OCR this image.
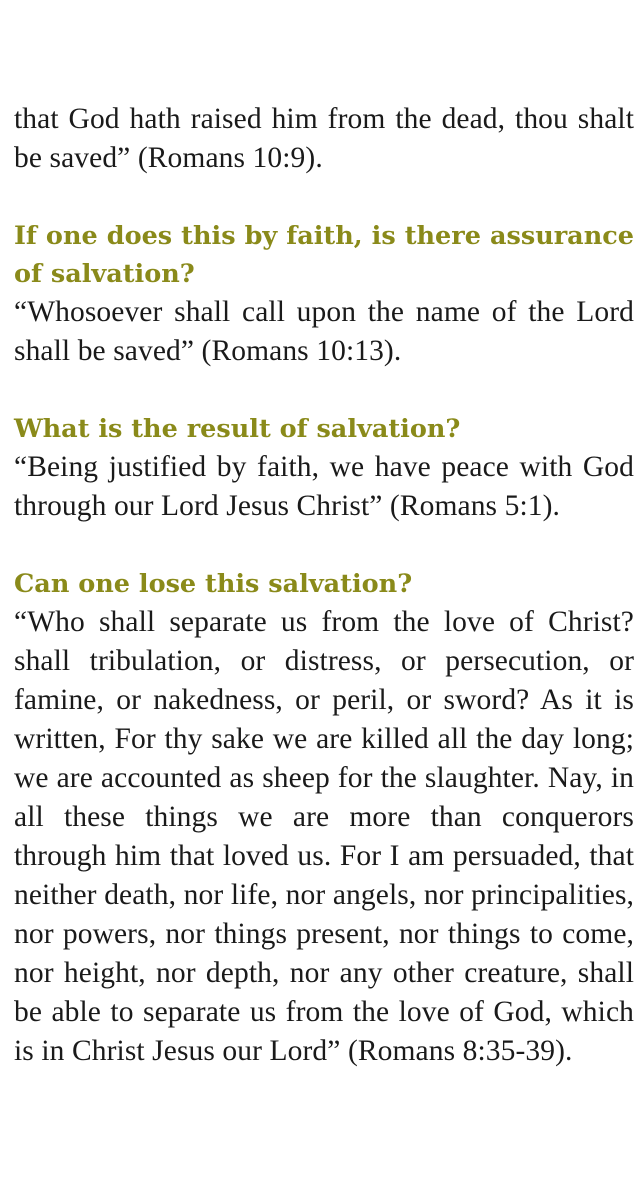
that God hath raised him from the dead, thou shalt be saved” (Romans 10:9).

If one does this by faith, is there assurance of salvation?

“Whosoever shall call upon the name of the Lord shall be saved” (Romans 10:13).

What is the result of salvation?

“Being justified by faith, we have peace with God through our Lord Jesus Christ” (Romans 5:1).

Can one lose this salvation?

“Who shall separate us from the love of Christ? shall tribulation, or distress, or persecution, or famine, or nakedness, or peril, or sword? As it is written, For thy sake we are killed all the day long; we are accounted as sheep for the slaughter. Nay, in all these things we are more than conquerors through him that loved us. For I am persuaded, that neither death, nor life, nor angels, nor principalities, nor powers, nor things present, nor things to come, nor height, nor depth, nor any other creature, shall be able to separate us from the love of God, which is in Christ Jesus our Lord” (Romans 8:35-39).
